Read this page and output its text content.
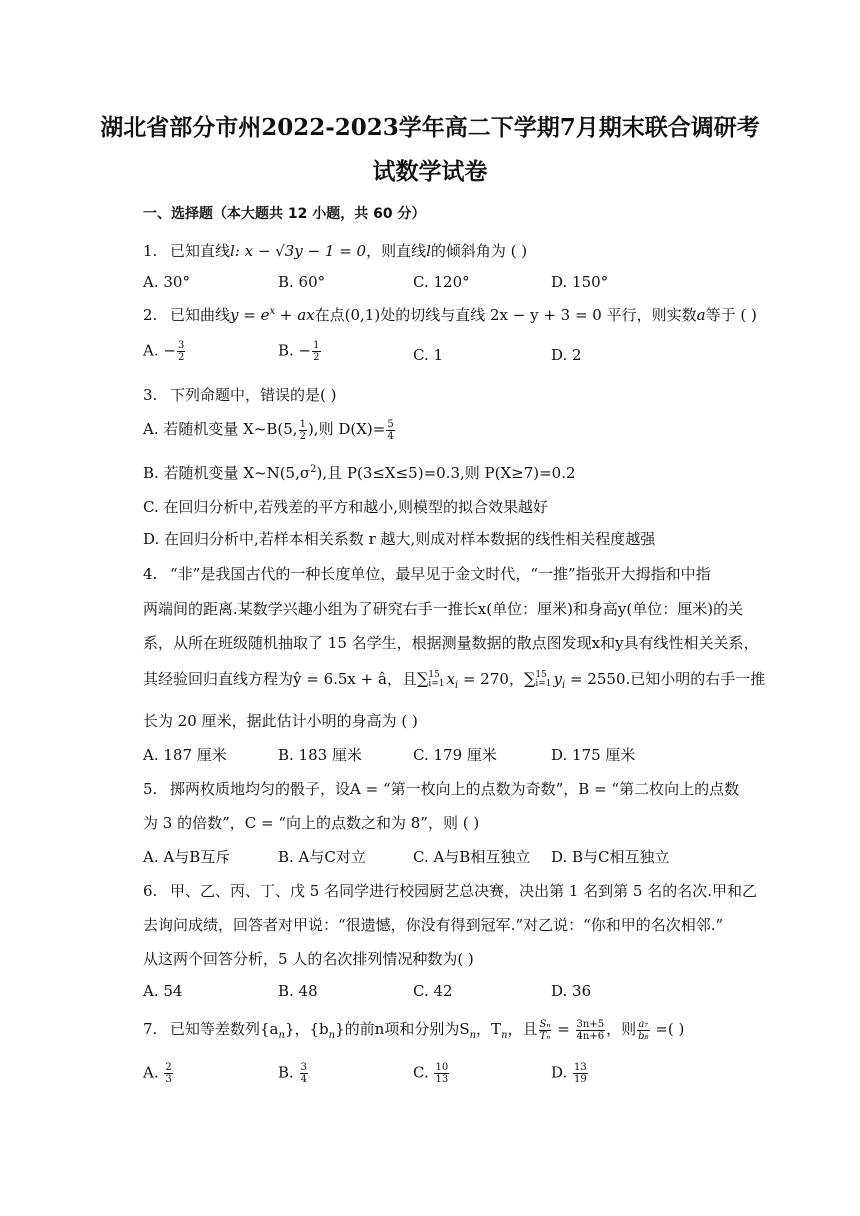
湖北省部分市州2022-2023学年高二下学期7月期末联合调研考
试数学试卷
一、选择题（本大题共 12 小题，共 60 分）
1. 已知直线l: x − √3y − 1 = 0，则直线l的倾斜角为 ( )
A. 30°	B. 60°	C. 120°	D. 150°
2. 已知曲线$y = e^x$ + ax在点(0,1)处的切线与直线 2x − y + 3 = 0 平行，则实数a等于 ( )
A. − $\frac{3}{2}$	B. − $\frac{1}{2}$	C. 1	D. 2
3. 下列命题中，错误的是( )
A. 若随机变量 X~B(5, $\frac{1}{2}$ ),则 $D(X)= \frac{5}{4}$
B. 若随机变量 $X\sim N(5,\sigma^2)$,且 P(3≤X≤5)=0.3,则 P(X≥7)=0.2
C. 在回归分析中,若残差的平方和越小,则模型的拟合效果越好
D. 在回归分析中,若样本相关系数 r 越大,则成对样本数据的线性相关程度越强
4. “非”是我国古代的一种长度单位，最早见于金文时代，“一推”指张开大拇指和中指
两端间的距离.某数学兴趣小组为了研究右手一推长x(单位：厘米)和身高y(单位：厘米)的关
系，从所在班级随机抽取了 15 名学生，根据测量数据的散点图发现x和y具有线性相关关系，
其经验回归直线方程为ŷ = 6.5x + â，且∑ 15
i=1 $x_i = 270$，∑ 15
i=1 $y_i = 2550$.已知小明的右手一推
长为 20 厘米，据此估计小明的身高为 ( )
A. 187 厘米	B. 183 厘米	C. 179 厘米	D. 175 厘米
5. 掷两枚质地均匀的骰子，设A = “第一枚向上的点数为奇数”，B = “第二枚向上的点数
为 3 的倍数”，C = “向上的点数之和为 8”，则 ( )
A. A与B互斥	B. A与C对立	C. A与B相互独立 D. B与C相互独立
6. 甲、乙、丙、丁、戊 5 名同学进行校园厨艺总决赛，决出第 1 名到第 5 名的名次.甲和乙
去询问成绩，回答者对甲说：“很遗憾，你没有得到冠军.”对乙说：“你和甲的名次相邻.”
从这两个回答分析，5 人的名次排列情况种数为( )
A. 54	B. 48	C. 42	D. 36
7. 已知等差数列$\{a_n\}$，$\{b_n\}$的前n项和分别为$S_n$，$T_n$，且 $\frac{\text{Sₙ}}{\text{Tₙ}} = \frac{3n+5}{4n+6}$ ，则 $\frac{\text{a₇}}{\text{b₈}}$ =( )
A. $\frac{2}{3}$	B. $\frac{3}{4}$	C. $\frac{10}{13}$	D. $\frac{13}{19}$
